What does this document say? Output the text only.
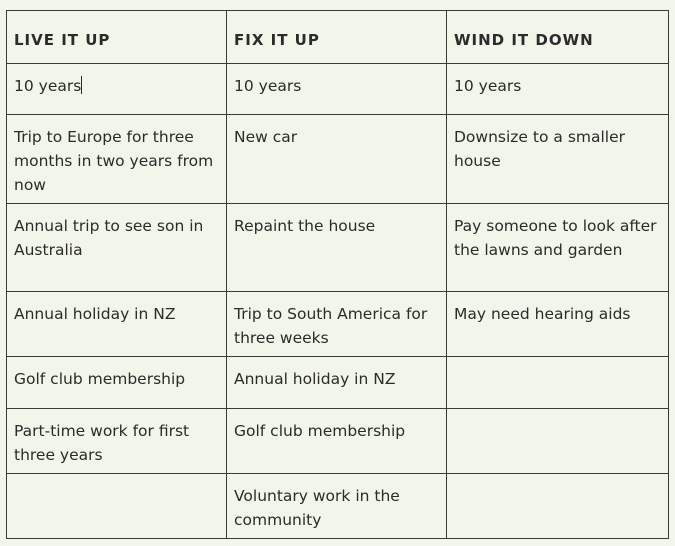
LIVE IT UP	FIX IT UP	WIND IT DOWN
10 years	10 years	10 years
Trip to Europe for three months in two years from now	New car	Downsize to a smaller house
Annual trip to see son in Australia	Repaint the house	Pay someone to look after the lawns and garden
Annual holiday in NZ	Trip to South America for three weeks	May need hearing aids
Golf club membership	Annual holiday in NZ	
Part-time work for first three years	Golf club membership	
	Voluntary work in the community	
